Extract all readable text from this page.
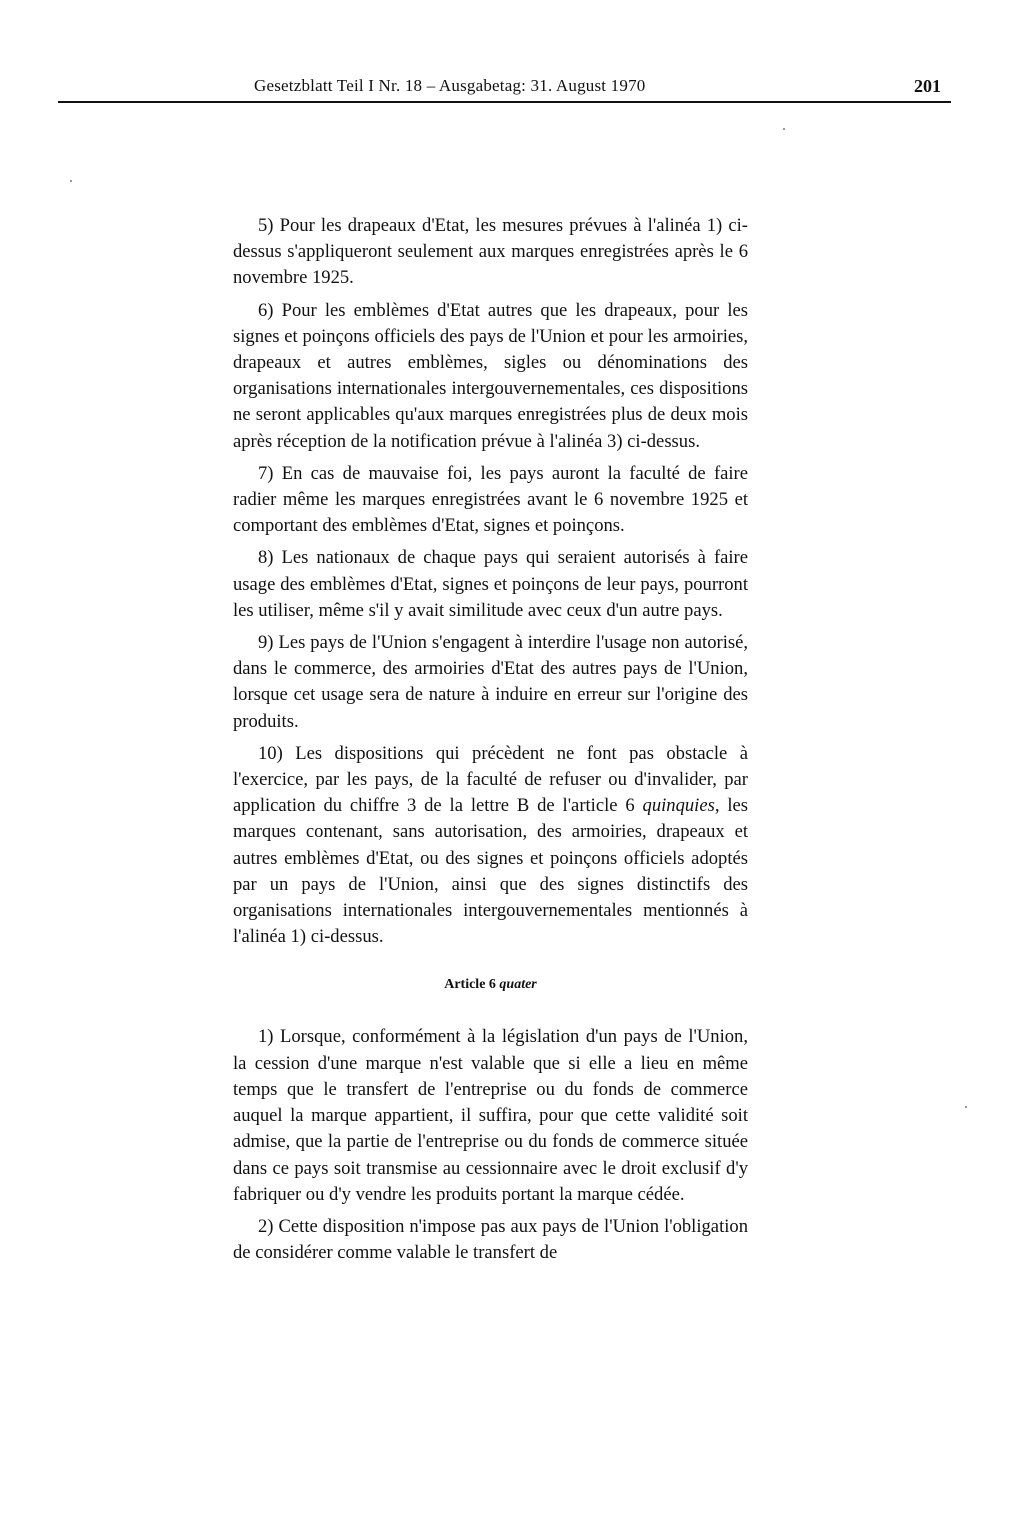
Gesetzblatt Teil I Nr. 18 – Ausgabetag: 31. August 1970	201

5) Pour les drapeaux d'Etat, les mesures prévues à l'alinéa 1) ci-dessus s'appliqueront seulement aux marques enregistrées après le 6 novembre 1925.

6) Pour les emblèmes d'Etat autres que les drapeaux, pour les signes et poinçons officiels des pays de l'Union et pour les armoiries, drapeaux et autres emblèmes, sigles ou dénominations des organisations internationales intergouvernementales, ces dispositions ne seront applicables qu'aux marques enregistrées plus de deux mois après réception de la notification prévue à l'alinéa 3) ci-dessus.

7) En cas de mauvaise foi, les pays auront la faculté de faire radier même les marques enregistrées avant le 6 novembre 1925 et comportant des emblèmes d'Etat, signes et poinçons.

8) Les nationaux de chaque pays qui seraient autorisés à faire usage des emblèmes d'Etat, signes et poinçons de leur pays, pourront les utiliser, même s'il y avait similitude avec ceux d'un autre pays.

9) Les pays de l'Union s'engagent à interdire l'usage non autorisé, dans le commerce, des armoiries d'Etat des autres pays de l'Union, lorsque cet usage sera de nature à induire en erreur sur l'origine des produits.

10) Les dispositions qui précèdent ne font pas obstacle à l'exercice, par les pays, de la faculté de refuser ou d'invalider, par application du chiffre 3 de la lettre B de l'article 6 quinquies, les marques contenant, sans autorisation, des armoiries, drapeaux et autres emblèmes d'Etat, ou des signes et poinçons officiels adoptés par un pays de l'Union, ainsi que des signes distinctifs des organisations internationales intergouvernementales mentionnés à l'alinéa 1) ci-dessus.

Article 6 quater

1) Lorsque, conformément à la législation d'un pays de l'Union, la cession d'une marque n'est valable que si elle a lieu en même temps que le transfert de l'entreprise ou du fonds de commerce auquel la marque appartient, il suffira, pour que cette validité soit admise, que la partie de l'entreprise ou du fonds de commerce située dans ce pays soit transmise au cessionnaire avec le droit exclusif d'y fabriquer ou d'y vendre les produits portant la marque cédée.

2) Cette disposition n'impose pas aux pays de l'Union l'obligation de considérer comme valable le transfert de
